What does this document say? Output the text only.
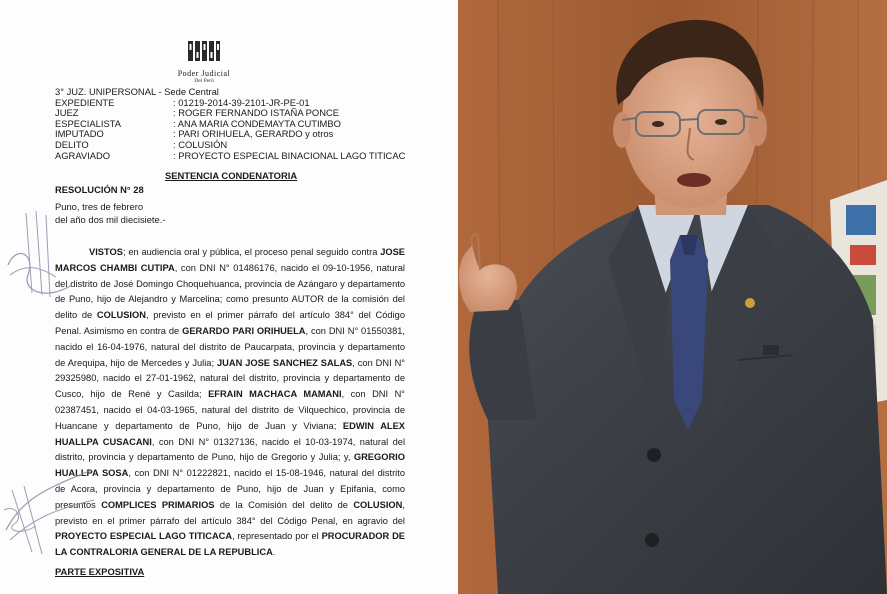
Poder Judicial
Del Perú
3° JUZ. UNIPERSONAL - Sede Central
EXPEDIENTE	: 01219-2014-39-2101-JR-PE-01
JUEZ	: ROGER FERNANDO ISTAÑA PONCE
ESPECIALISTA	: ANA MARIA CONDEMAYTA CUTIMBO
IMPUTADO	: PARI ORIHUELA, GERARDO y otros
DELITO	: COLUSIÓN
AGRAVIADO	: PROYECTO ESPECIAL BINACIONAL LAGO TITICAC
SENTENCIA CONDENATORIA
RESOLUCIÓN N° 28
Puno, tres de febrero
del año dos mil diecisiete.-

VISTOS; en audiencia oral y pública, el proceso penal seguido contra JOSE MARCOS CHAMBI CUTIPA, con DNI N° 01486176, nacido el 09-10-1956, natural del distrito de José Domingo Choquehuanca, provincia de Azángaro y departamento de Puno, hijo de Alejandro y Marcelina; como presunto AUTOR de la comisión del delito de COLUSION, previsto en el primer párrafo del artículo 384° del Código Penal. Asimismo en contra de GERARDO PARI ORIHUELA, con DNI N° 01550381, nacido el 16-04-1976, natural del distrito de Paucarpata, provincia y departamento de Arequipa, hijo de Mercedes y Julia; JUAN JOSE SANCHEZ SALAS, con DNI N° 29325980, nacido el 27-01-1962, natural del distrito, provincia y departamento de Cusco, hijo de René y Casilda; EFRAIN MACHACA MAMANI, con DNI N° 02387451, nacido el 04-03-1965, natural del distrito de Vilquechico, provincia de Huancane y departamento de Puno, hijo de Juan y Viviana; EDWIN ALEX HUALLPA CUSACANI, con DNI N° 01327136, nacido el 10-03-1974, natural del distrito, provincia y departamento de Puno, hijo de Gregorio y Julia; y, GREGORIO HUALLPA SOSA, con DNI N° 01222821, nacido el 15-08-1946, natural del distrito de Acora, provincia y departamento de Puno, hijo de Juan y Epifania, como presuntos COMPLICES PRIMARIOS de la Comisión del delito de COLUSION, previsto en el primer párrafo del artículo 384° del Código Penal, en agravio del PROYECTO ESPECIAL LAGO TITICACA, representado por el PROCURADOR DE LA CONTRALORIA GENERAL DE LA REPUBLICA.

PARTE EXPOSITIVA
